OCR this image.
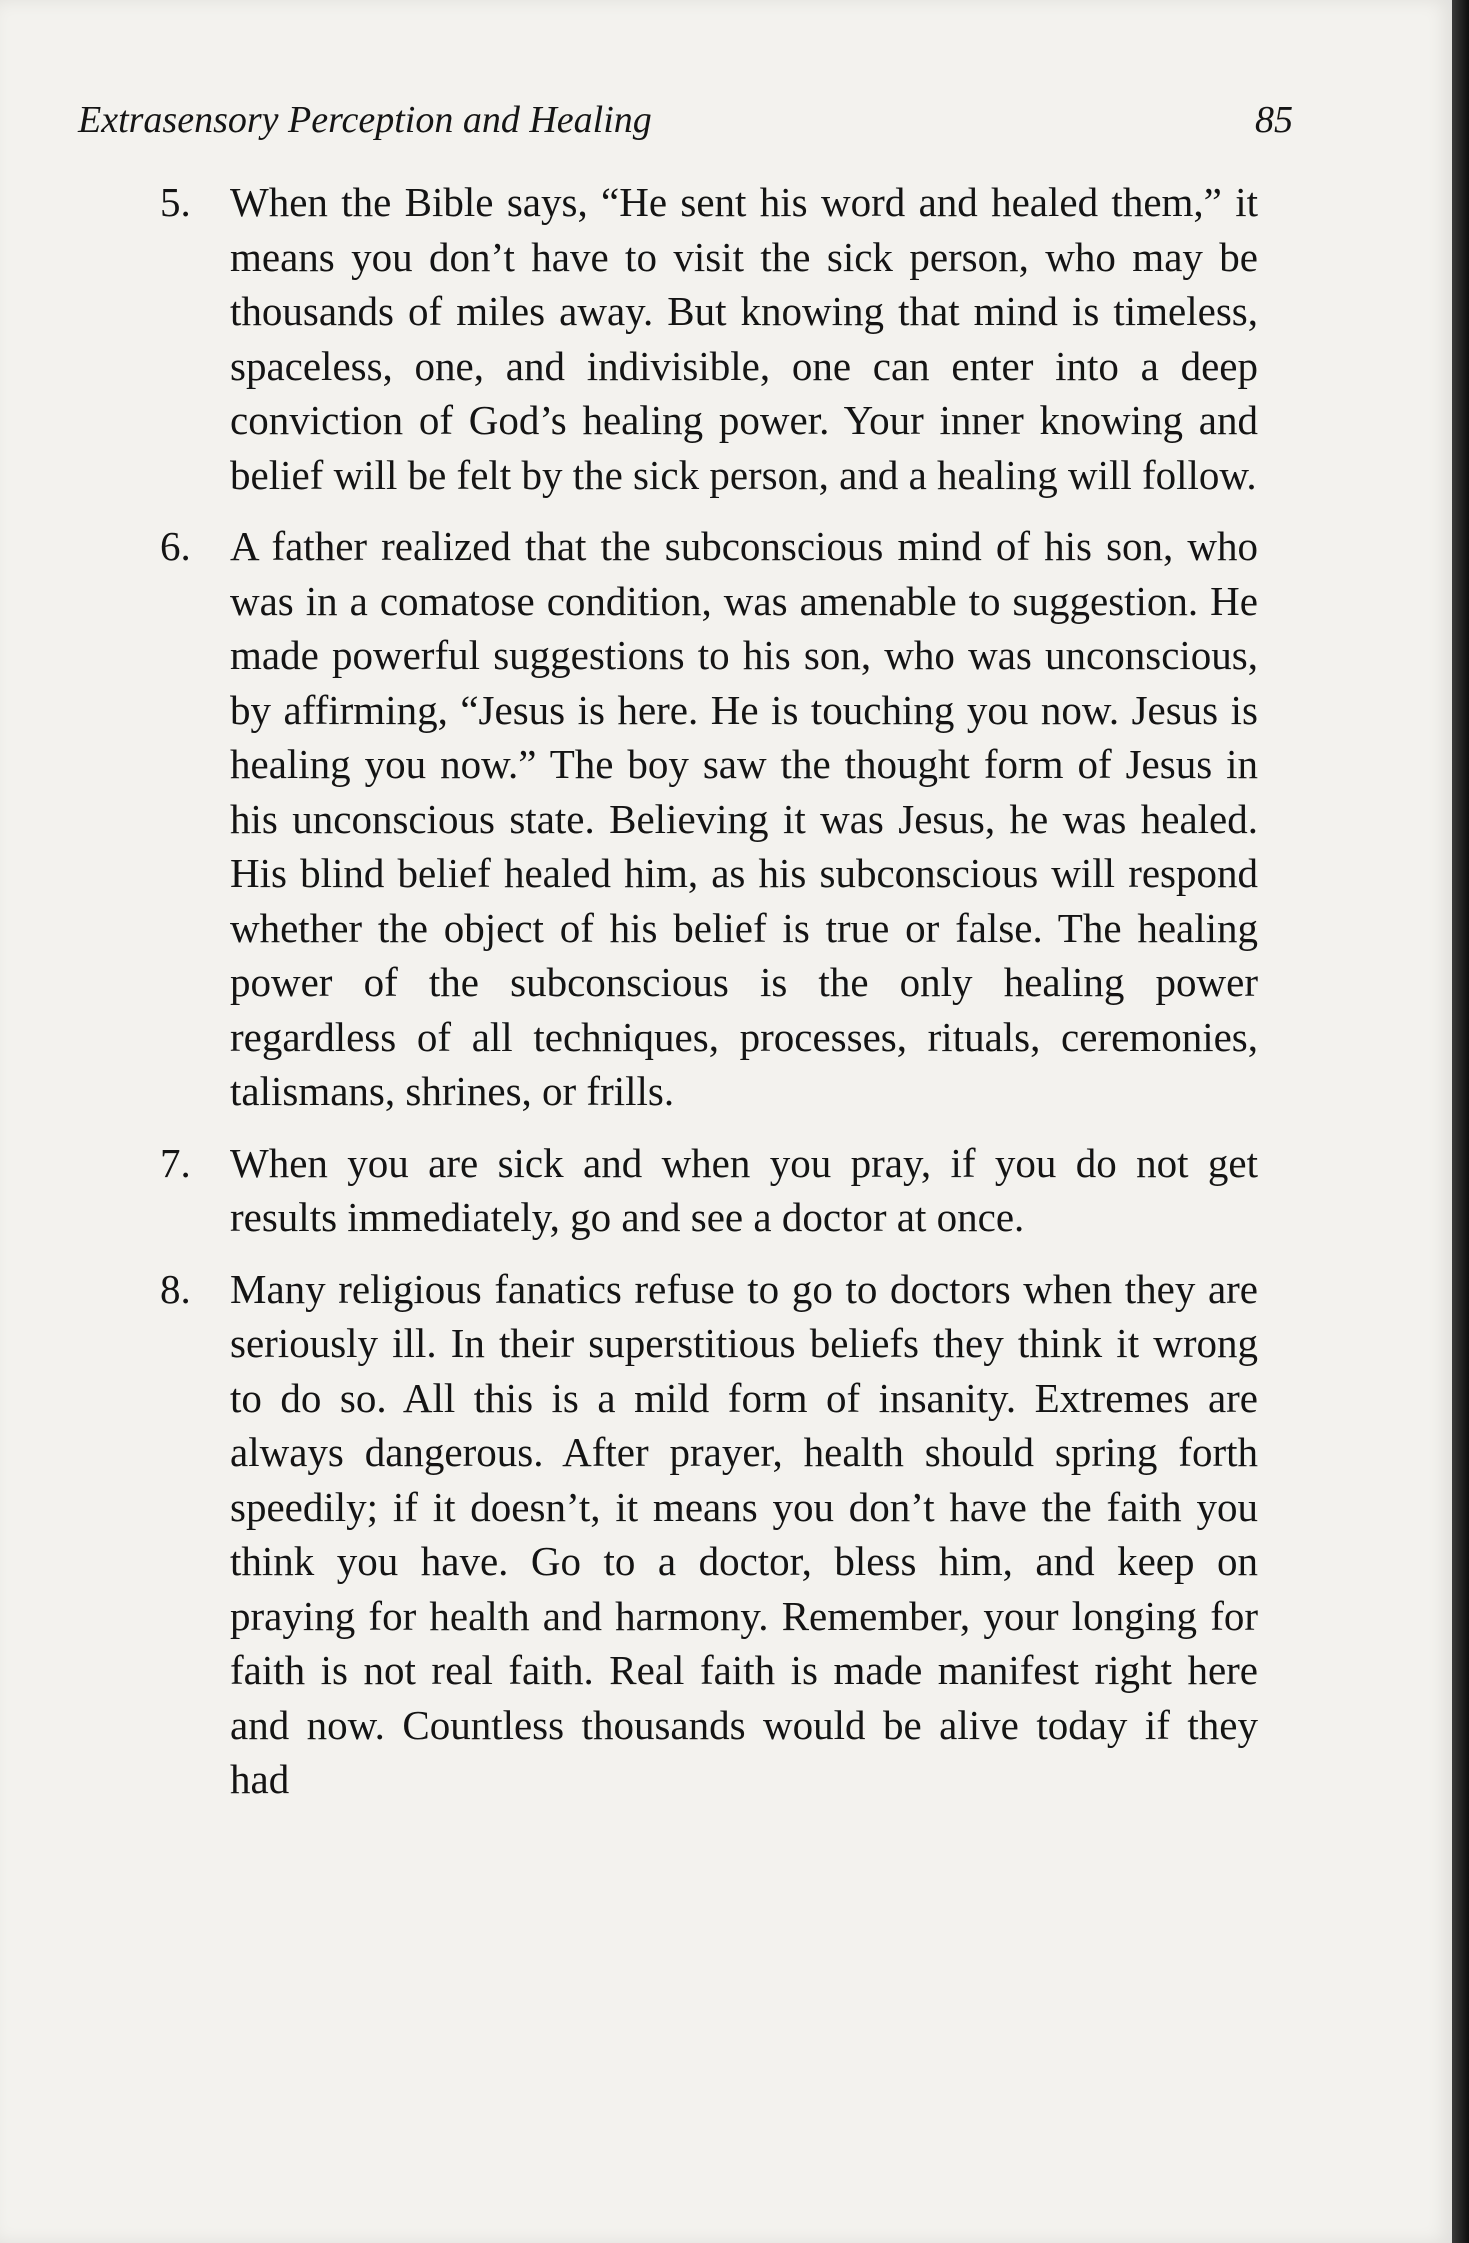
Extrasensory Perception and Healing	85
5. When the Bible says, “He sent his word and healed them,” it means you don’t have to visit the sick person, who may be thousands of miles away. But knowing that mind is timeless, spaceless, one, and indivisible, one can enter into a deep conviction of God’s healing power. Your inner knowing and belief will be felt by the sick person, and a healing will follow.
6. A father realized that the subconscious mind of his son, who was in a comatose condition, was amenable to suggestion. He made powerful suggestions to his son, who was unconscious, by affirming, “Jesus is here. He is touching you now. Jesus is healing you now.” The boy saw the thought form of Jesus in his unconscious state. Believing it was Jesus, he was healed. His blind belief healed him, as his subconscious will respond whether the object of his belief is true or false. The healing power of the subconscious is the only healing power regardless of all techniques, processes, rituals, ceremonies, talismans, shrines, or frills.
7. When you are sick and when you pray, if you do not get results immediately, go and see a doctor at once.
8. Many religious fanatics refuse to go to doctors when they are seriously ill. In their superstitious beliefs they think it wrong to do so. All this is a mild form of insanity. Extremes are always dangerous. After prayer, health should spring forth speedily; if it doesn’t, it means you don’t have the faith you think you have. Go to a doctor, bless him, and keep on praying for health and harmony. Remember, your longing for faith is not real faith. Real faith is made manifest right here and now. Countless thousands would be alive today if they had
